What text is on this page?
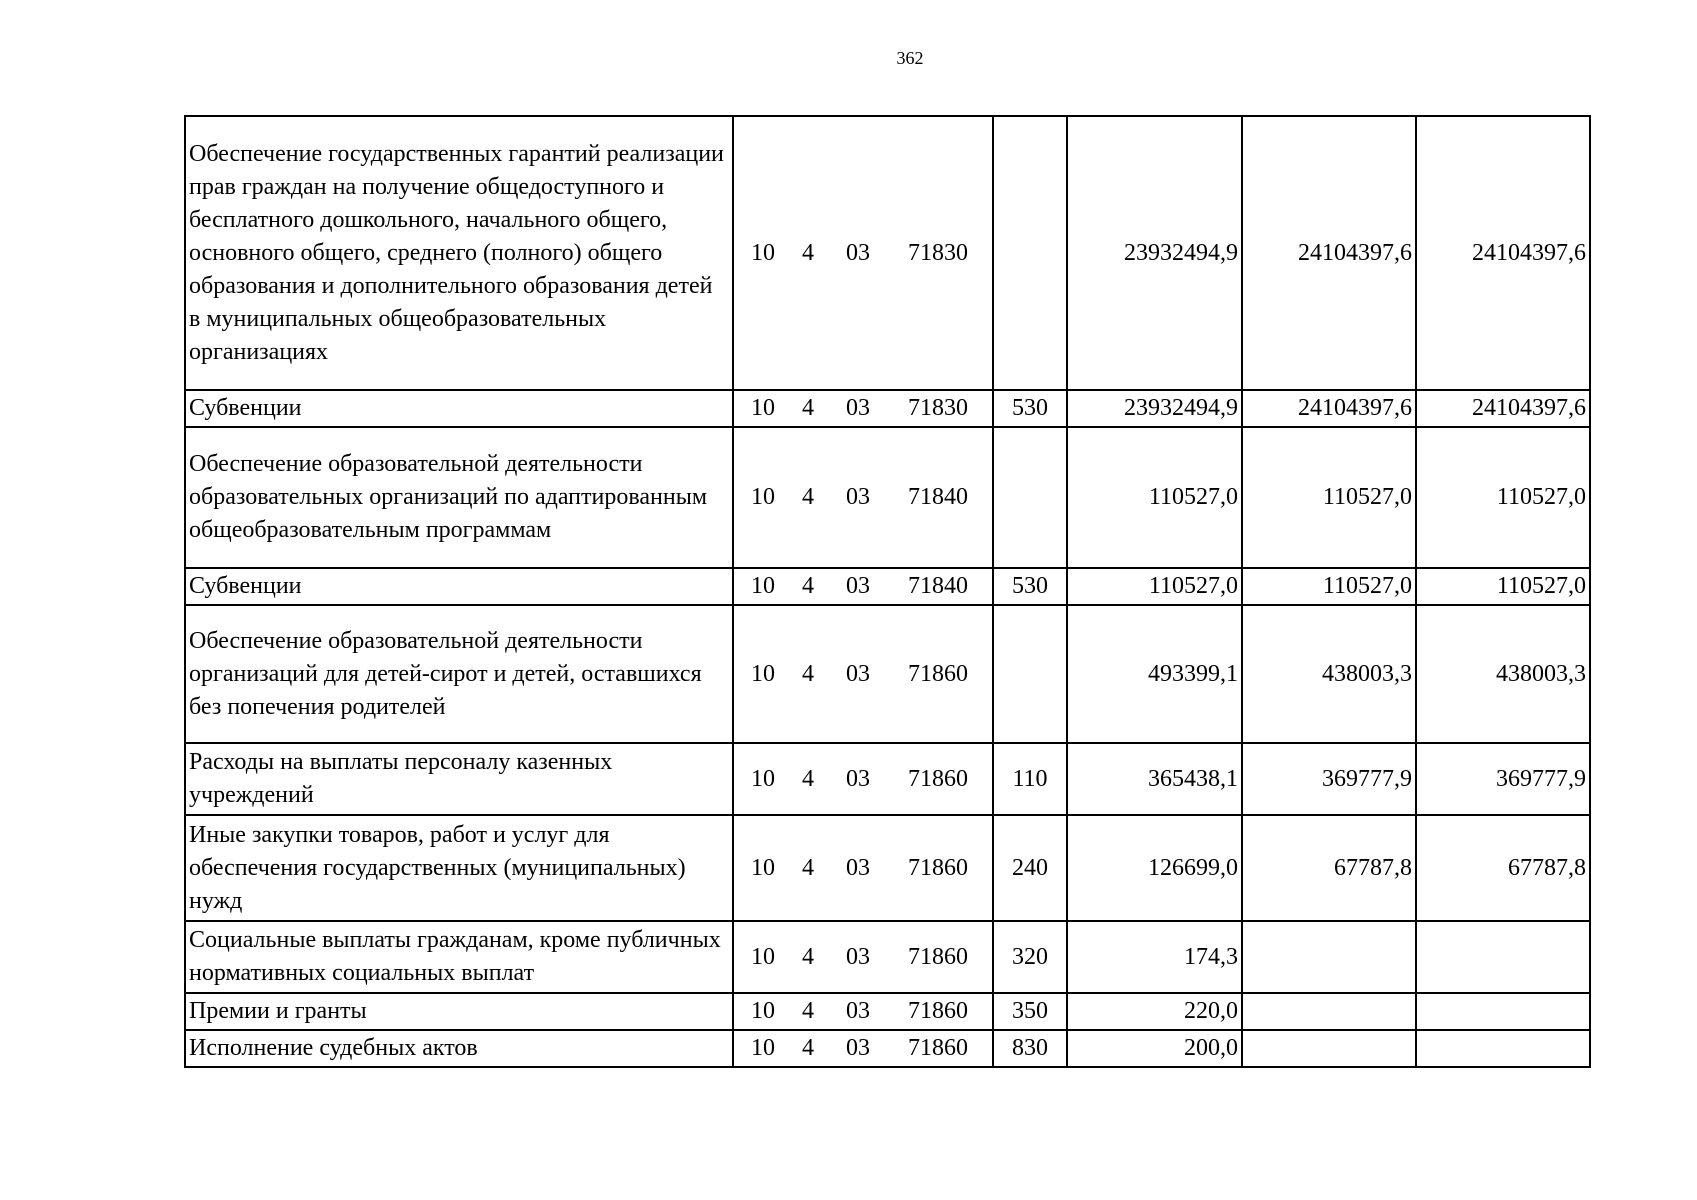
362
Обеспечение государственных гарантий реализации прав граждан на получение общедоступного и бесплатного дошкольного, начального общего, основного общего, среднего (полного) общего образования и дополнительного образования детей в муниципальных общеобразовательных организациях	10 4 03 71830		23932494,9	24104397,6	24104397,6
Субвенции	10 4 03 71830	530	23932494,9	24104397,6	24104397,6
Обеспечение образовательной деятельности образовательных организаций по адаптированным общеобразовательным программам	10 4 03 71840		110527,0	110527,0	110527,0
Субвенции	10 4 03 71840	530	110527,0	110527,0	110527,0
Обеспечение образовательной деятельности организаций для детей-сирот и детей, оставшихся без попечения родителей	10 4 03 71860		493399,1	438003,3	438003,3
Расходы на выплаты персоналу казенных учреждений	10 4 03 71860	110	365438,1	369777,9	369777,9
Иные закупки товаров, работ и услуг для обеспечения государственных (муниципальных) нужд	10 4 03 71860	240	126699,0	67787,8	67787,8
Социальные выплаты гражданам, кроме публичных нормативных социальных выплат	10 4 03 71860	320	174,3		
Премии и гранты	10 4 03 71860	350	220,0		
Исполнение судебных актов	10 4 03 71860	830	200,0		
